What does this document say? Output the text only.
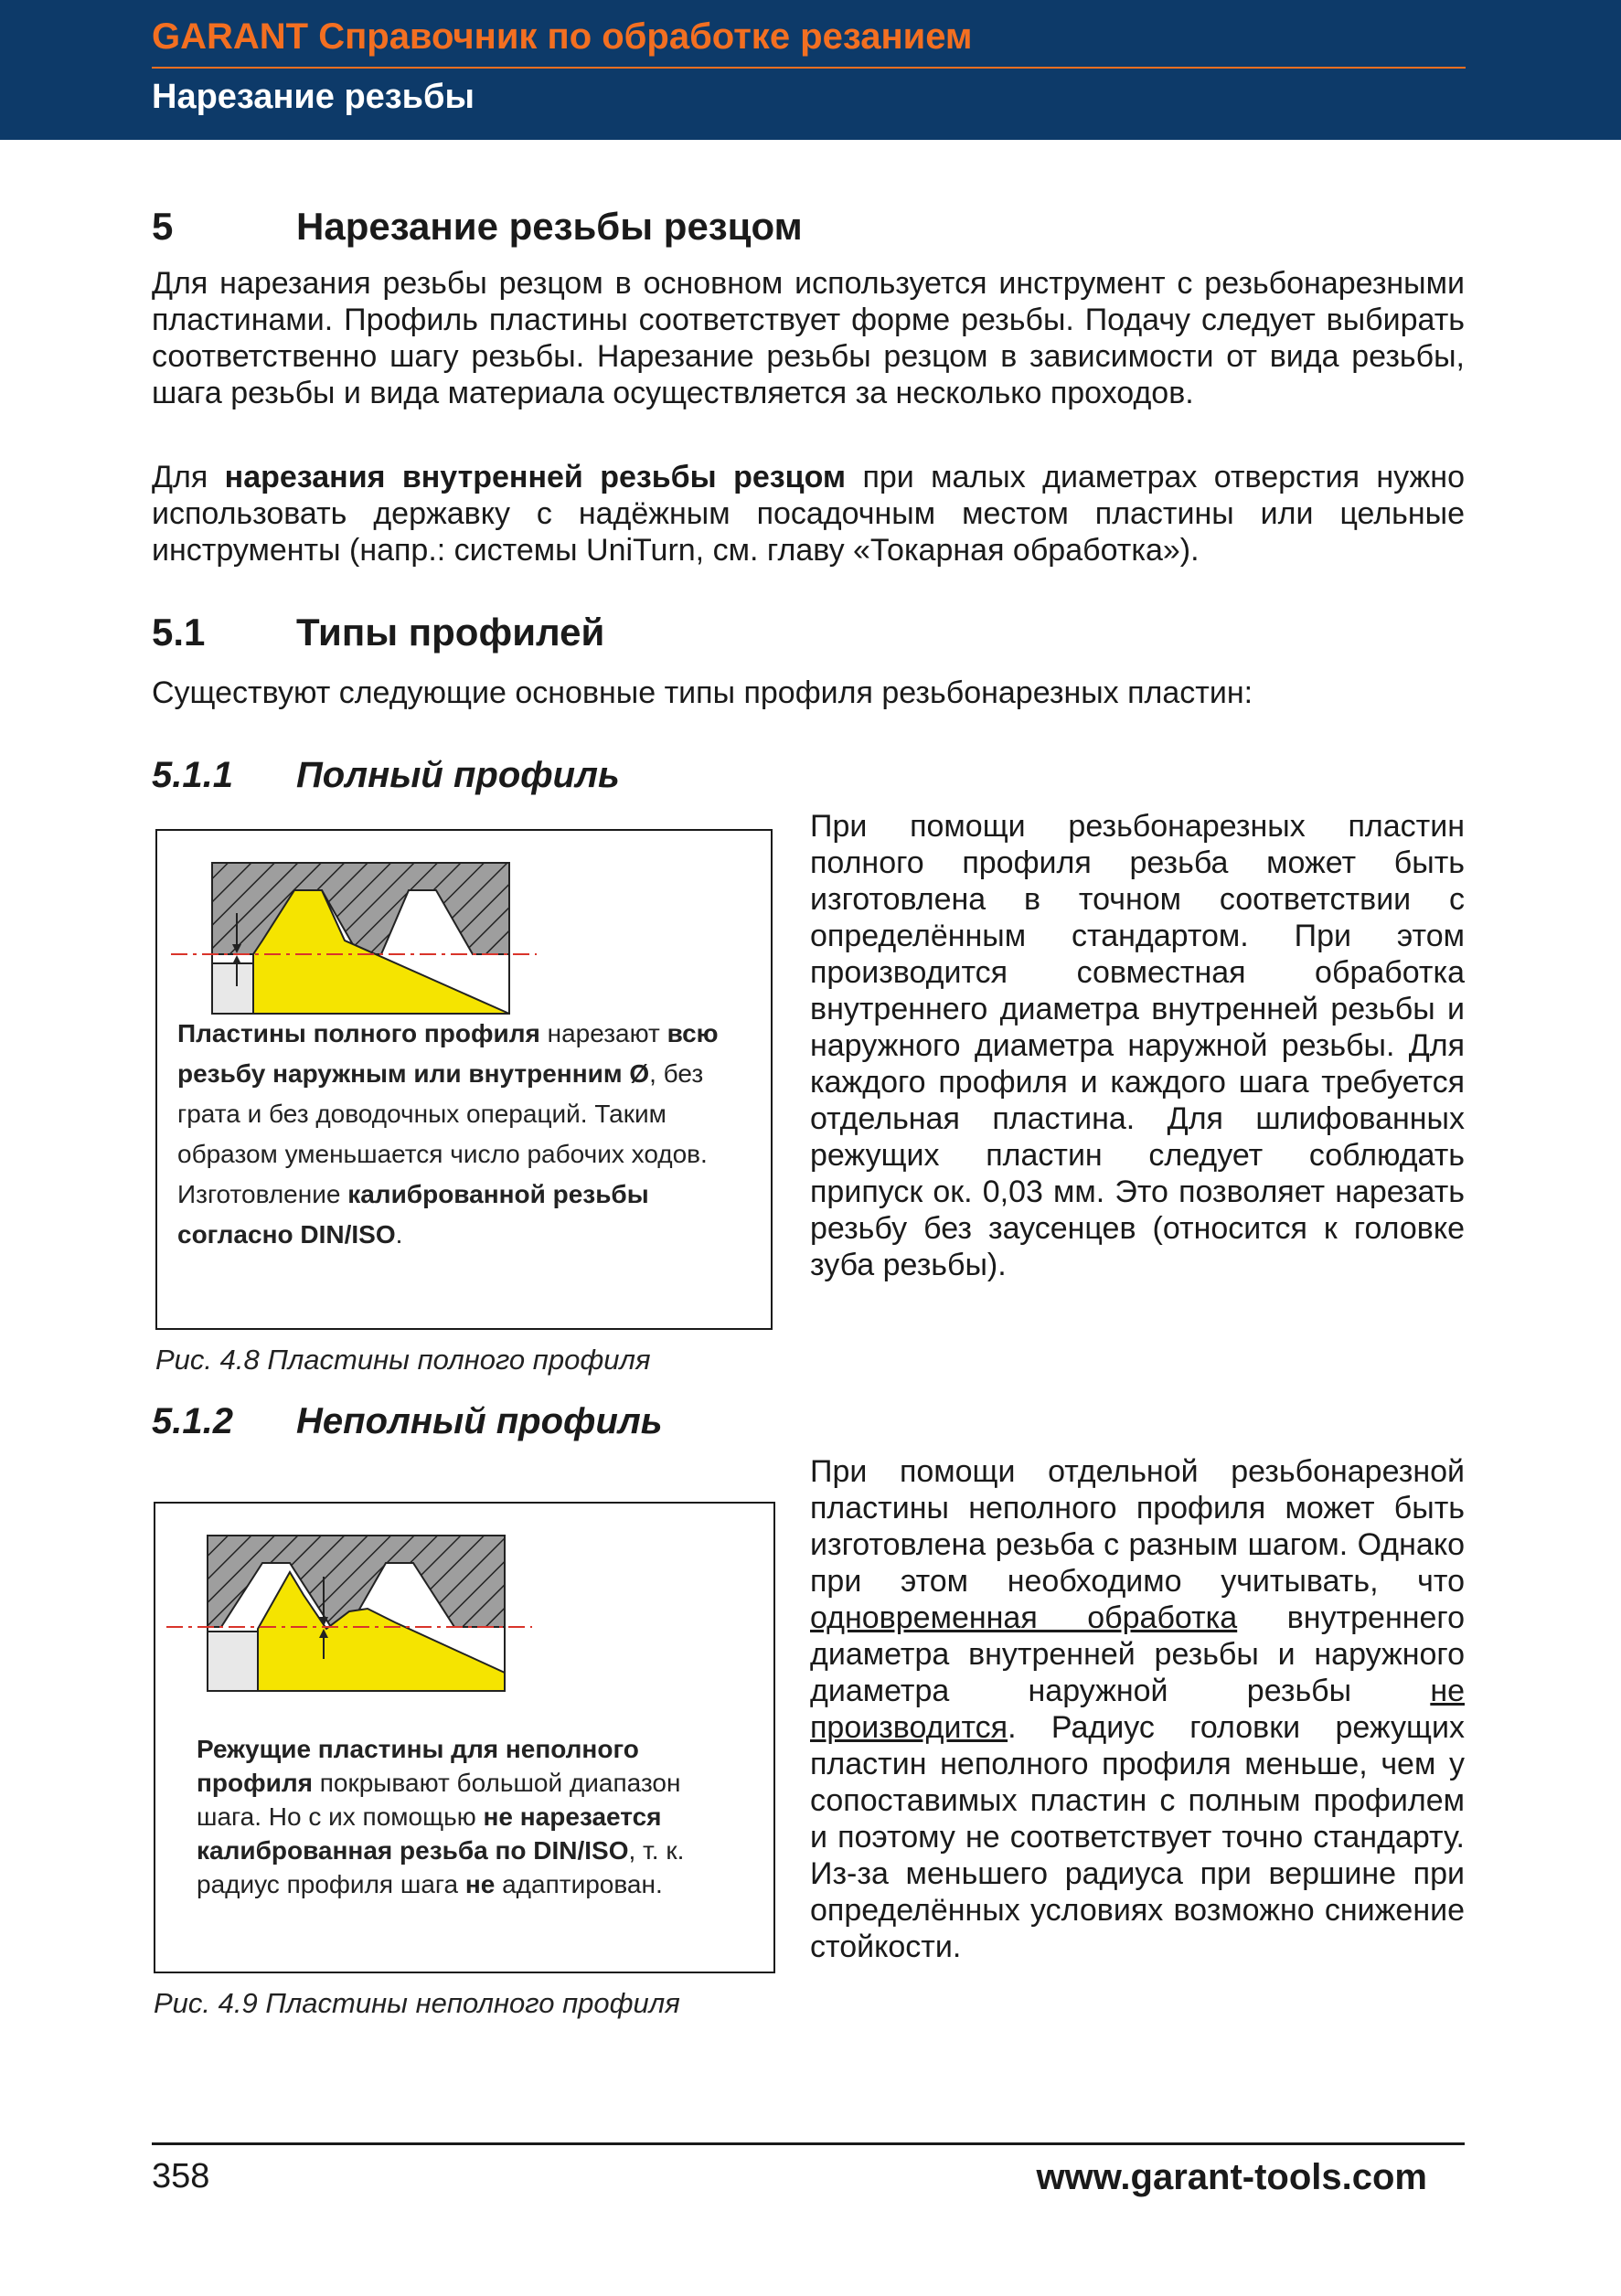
GARANT Справочник по обработке резанием
Нарезание резьбы
5	Нарезание резьбы резцом

Для нарезания резьбы резцом в основном используется инструмент с резьбонарезными пластинами. Профиль пластины соответствует форме резьбы. Подачу следует выбирать соответственно шагу резьбы. Нарезание резьбы резцом в зависимости от вида резьбы, шага резьбы и вида материала осуществляется за несколько проходов.

Для нарезания внутренней резьбы резцом при малых диаметрах отверстия нужно использовать державку с надёжным посадочным местом пластины или цельные инструменты (напр.: системы UniTurn, см. главу «Токарная обработка»).

5.1 Типы профилей

Существуют следующие основные типы профиля резьбонарезных пластин:

5.1.1 Полный профиль
Пластины полного профиля нарезают всю резьбу наружным или внутренним Ø, без грата и без доводочных операций. Таким образом уменьшается число рабочих ходов. Изготовление калиброванной резьбы согласно DIN/ISO.
Рис. 4.8 Пластины полного профиля

При помощи резьбонарезных пластин полного профиля резьба может быть изготовлена в точном соответствии с определённым стандартом. При этом производится совместная обработка внутреннего диаметра внутренней резьбы и наружного диаметра наружной резьбы. Для каждого профиля и каждого шага требуется отдельная пластина. Для шлифованных режущих пластин следует соблюдать припуск ок. 0,03 мм. Это позволяет нарезать резьбу без заусенцев (относится к головке зуба резьбы).

5.1.2 Неполный профиль
Режущие пластины для неполного профиля покрывают большой диапазон шага. Но с их помощью не нарезается калиброванная резьба по DIN/ISO, т. к. радиус профиля шага не адаптирован.
Рис. 4.9 Пластины неполного профиля

При помощи отдельной резьбонарезной пластины неполного профиля может быть изготовлена резьба с разным шагом. Однако при этом необходимо учитывать, что одновременная обработка внутреннего диаметра внутренней резьбы и наружного диаметра наружной резьбы не производится. Радиус головки режущих пластин неполного профиля меньше, чем у сопоставимых пластин с полным профилем и поэтому не соответствует точно стандарту. Из-за меньшего радиуса при вершине при определённых условиях возможно снижение стойкости.

358	www.garant-tools.com
